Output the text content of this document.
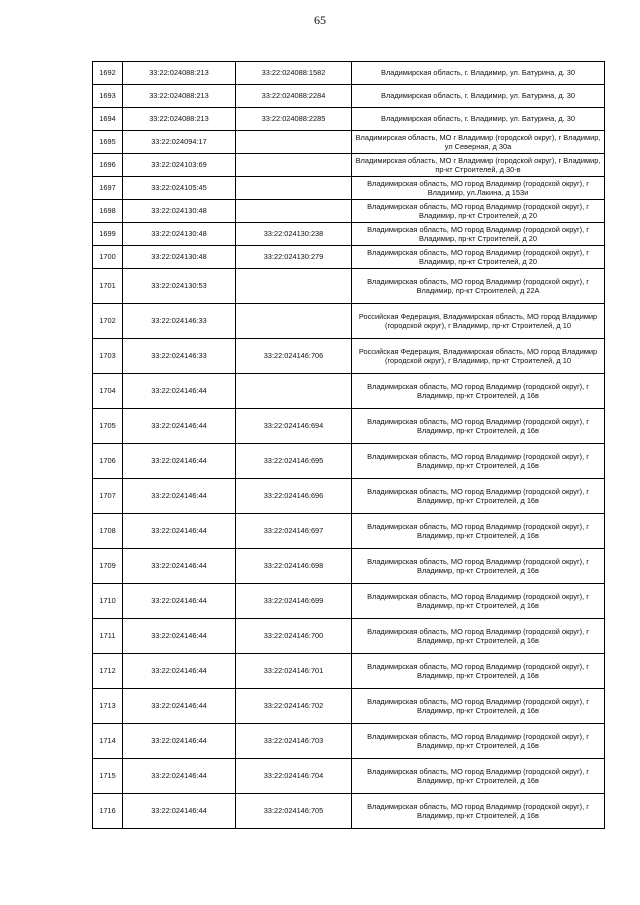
65
1692	33:22:024088:213	33:22:024088:1582	Владимирская область, г. Владимир, ул. Батурина, д. 30
1693	33:22:024088:213	33:22:024088:2284	Владимирская область, г. Владимир, ул. Батурина, д. 30
1694	33:22:024088:213	33:22:024088:2285	Владимирская область, г. Владимир, ул. Батурина, д. 30
1695	33:22:024094:17		Владимирская область, МО г Владимир (городской округ), г Владимир, ул Северная, д 30а
1696	33:22:024103:69		Владимирская область, МО г Владимир (городской округ), г Владимир, пр-кт Строителей, д 30-в
1697	33:22:024105:45		Владимирская область, МО город Владимир (городской округ), г Владимир, ул.Лакина, д 153и
1698	33:22:024130:48		Владимирская область, МО город Владимир (городской округ), г Владимир, пр-кт Строителей, д 20
1699	33:22:024130:48	33:22:024130:238	Владимирская область, МО город Владимир (городской округ), г Владимир, пр-кт Строителей, д 20
1700	33:22:024130:48	33:22:024130:279	Владимирская область, МО город Владимир (городской округ), г Владимир, пр-кт Строителей, д 20
1701	33:22:024130:53		Владимирская область, МО город Владимир (городской округ), г Владимир, пр-кт Строителей, д 22А
1702	33:22:024146:33		Российская Федерация, Владимирская область, МО город Владимир (городской округ), г Владимир, пр-кт Строителей, д 10
1703	33:22:024146:33	33:22:024146:706	Российская Федерация, Владимирская область, МО город Владимир (городской округ), г Владимир, пр-кт Строителей, д 10
1704	33:22:024146:44		Владимирская область, МО город Владимир (городской округ), г Владимир, пр-кт Строителей, д 16в
1705	33:22:024146:44	33:22:024146:694	Владимирская область, МО город Владимир (городской округ), г Владимир, пр-кт Строителей, д 16в
1706	33:22:024146:44	33:22:024146:695	Владимирская область, МО город Владимир (городской округ), г Владимир, пр-кт Строителей, д 16в
1707	33:22:024146:44	33:22:024146:696	Владимирская область, МО город Владимир (городской округ), г Владимир, пр-кт Строителей, д 16в
1708	33:22:024146:44	33:22:024146:697	Владимирская область, МО город Владимир (городской округ), г Владимир, пр-кт Строителей, д 16в
1709	33:22:024146:44	33:22:024146:698	Владимирская область, МО город Владимир (городской округ), г Владимир, пр-кт Строителей, д 16в
1710	33:22:024146:44	33:22:024146:699	Владимирская область, МО город Владимир (городской округ), г Владимир, пр-кт Строителей, д 16в
1711	33:22:024146:44	33:22:024146:700	Владимирская область, МО город Владимир (городской округ), г Владимир, пр-кт Строителей, д 16в
1712	33:22:024146:44	33:22:024146:701	Владимирская область, МО город Владимир (городской округ), г Владимир, пр-кт Строителей, д 16в
1713	33:22:024146:44	33:22:024146:702	Владимирская область, МО город Владимир (городской округ), г Владимир, пр-кт Строителей, д 16в
1714	33:22:024146:44	33:22:024146:703	Владимирская область, МО город Владимир (городской округ), г Владимир, пр-кт Строителей, д 16в
1715	33:22:024146:44	33:22:024146:704	Владимирская область, МО город Владимир (городской округ), г Владимир, пр-кт Строителей, д 16в
1716	33:22:024146:44	33:22:024146:705	Владимирская область, МО город Владимир (городской округ), г Владимир, пр-кт Строителей, д 16в
